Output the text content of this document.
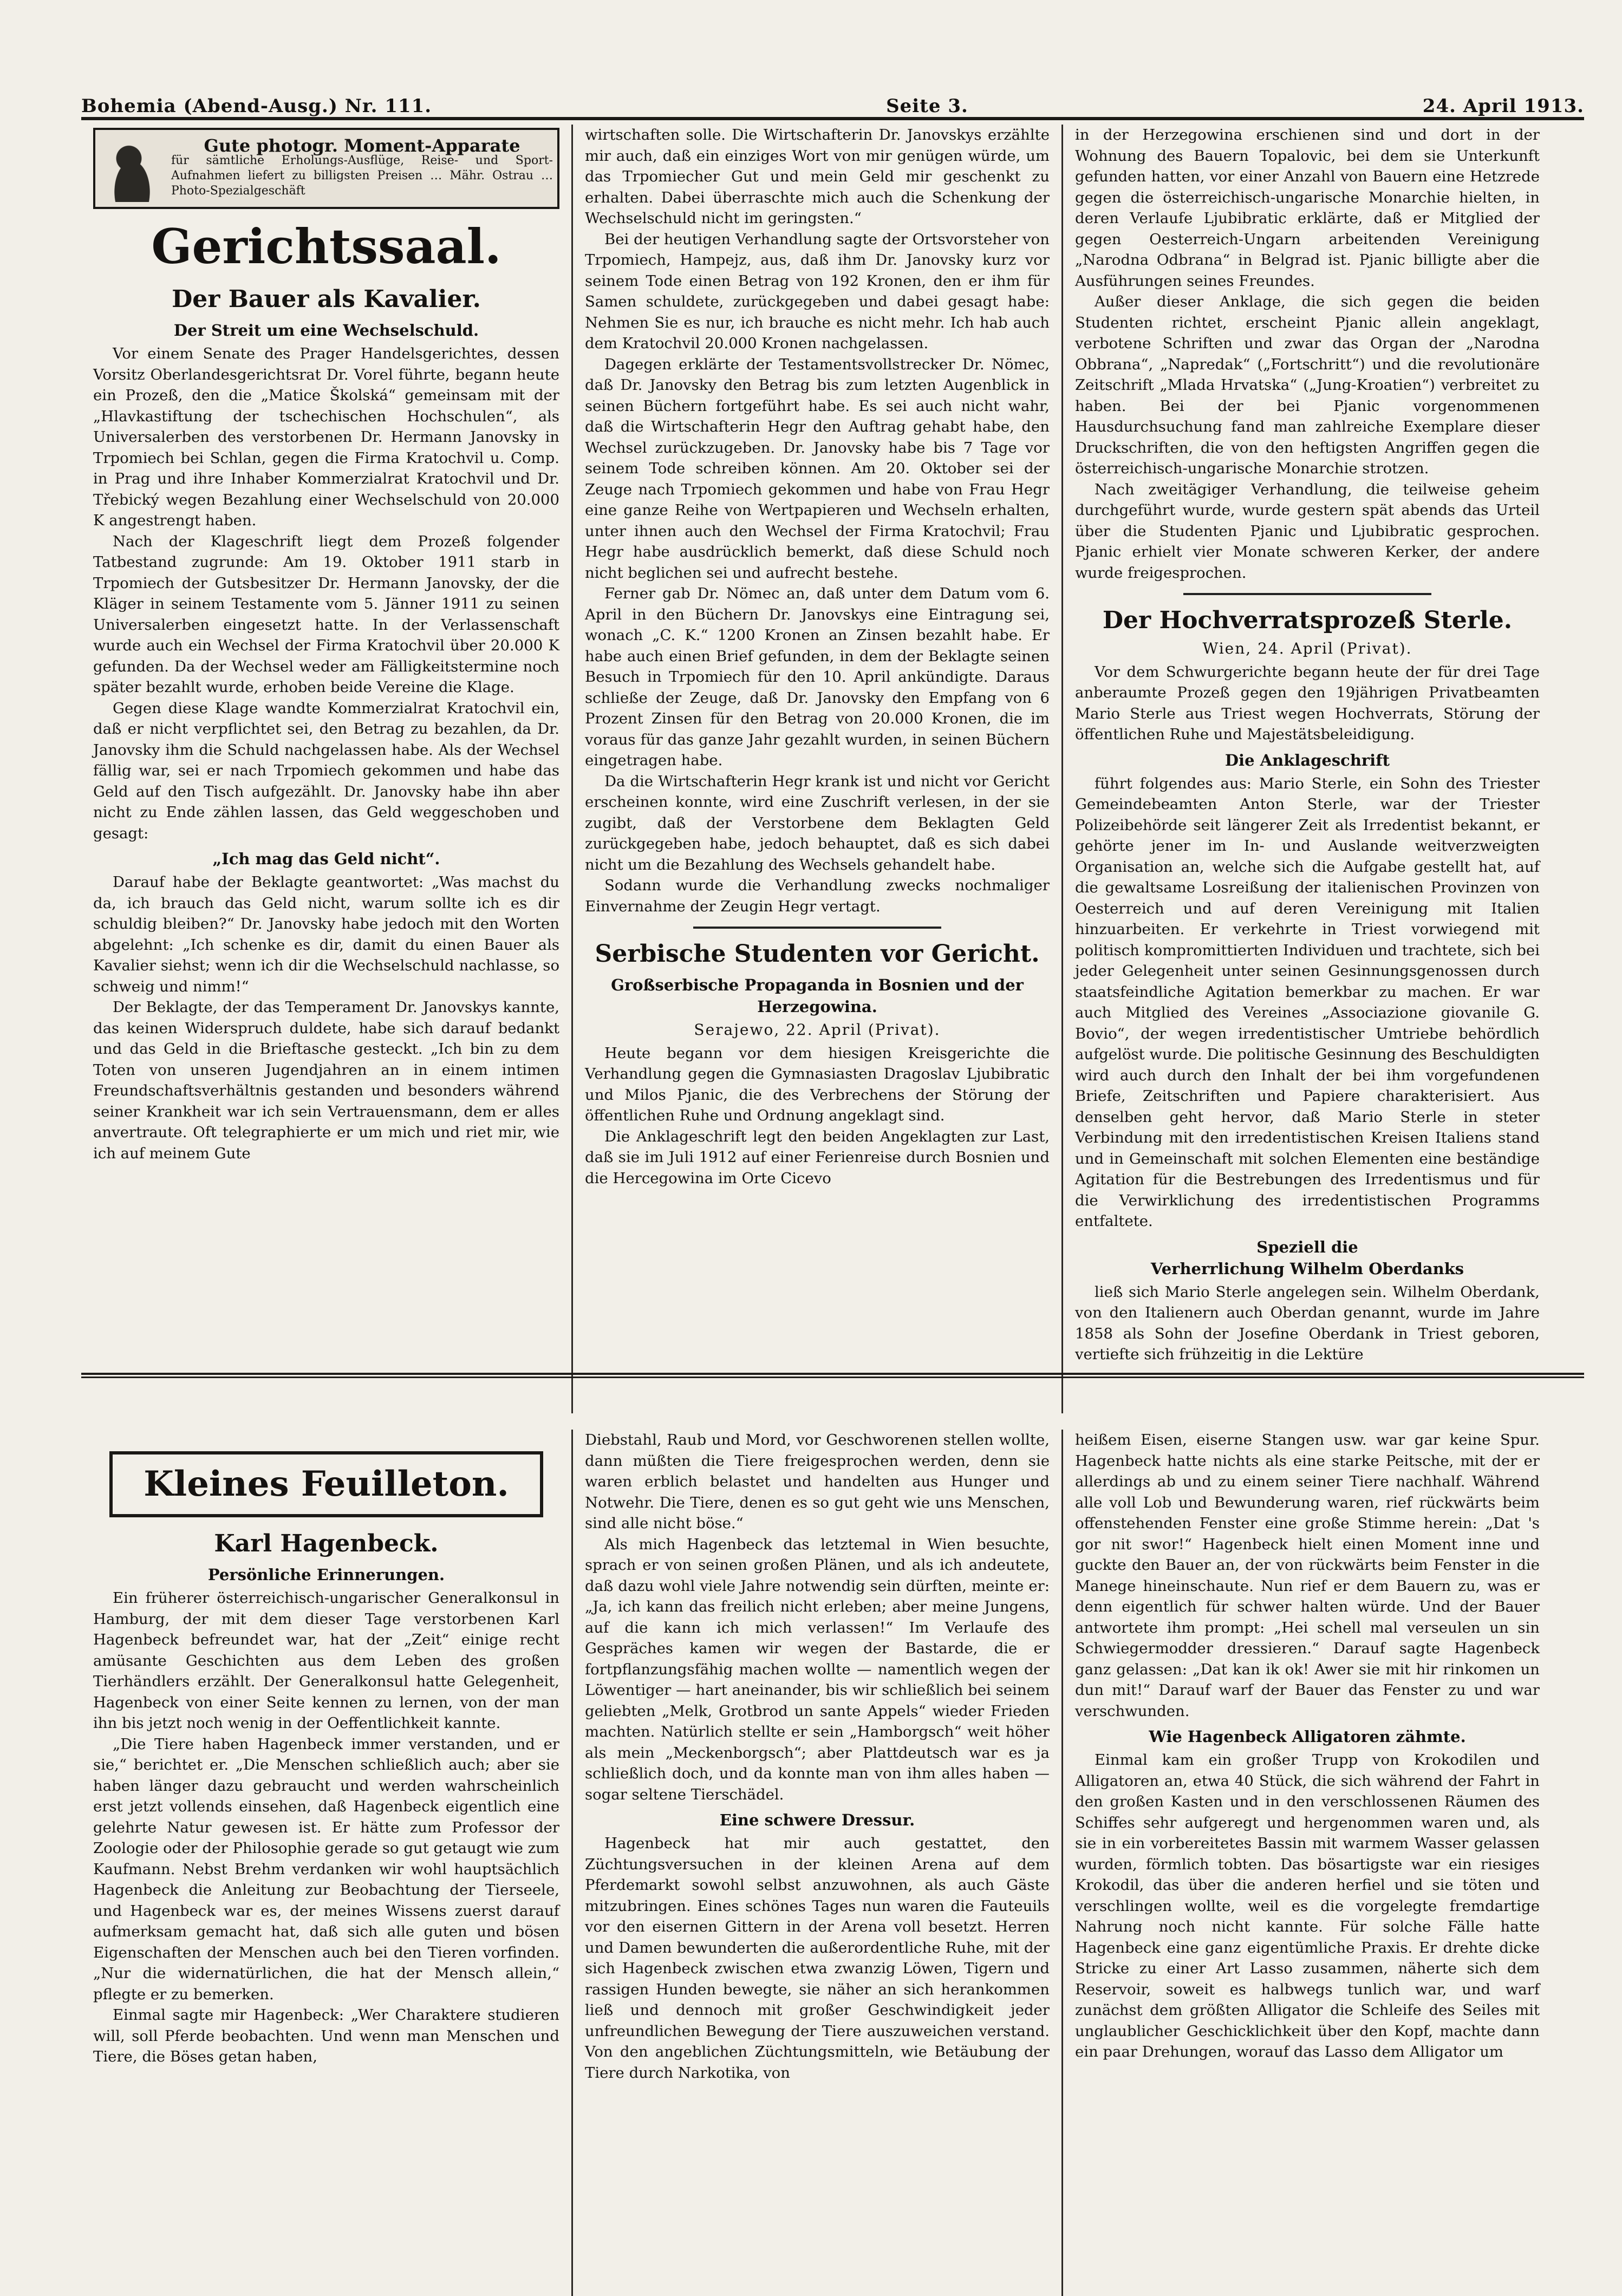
Bohemia (Abend-Ausg.) Nr. 111.	Seite 3.	24. April 1913.
Gute photogr. Moment-Apparate
für sämtliche Erholungs-Ausflüge, Reise- und Sport-Aufnahmen liefert zu billigsten Preisen … Mähr. Ostrau … Photo-Spezialgeschäft
Gerichtssaal.
Der Bauer als Kavalier.
Der Streit um eine Wechselschuld.

Vor einem Senate des Prager Handelsgerichtes, dessen Vorsitz Oberlandesgerichtsrat Dr. Vorel führte, begann heute ein Prozeß, den die „Matice Školská“ gemeinsam mit der „Hlavkastiftung der tschechischen Hochschulen“, als Universalerben des verstorbenen Dr. Hermann Janovsky in Trpomiech bei Schlan, gegen die Firma Kratochvil u. Comp. in Prag und ihre Inhaber Kommerzialrat Kratochvil und Dr. Třebický wegen Bezahlung einer Wechselschuld von 20.000 K angestrengt haben.

Nach der Klageschrift liegt dem Prozeß folgender Tatbestand zugrunde: Am 19. Oktober 1911 starb in Trpomiech der Gutsbesitzer Dr. Hermann Janovsky, der die Kläger in seinem Testamente vom 5. Jänner 1911 zu seinen Universalerben eingesetzt hatte. In der Verlassenschaft wurde auch ein Wechsel der Firma Kratochvil über 20.000 K gefunden. Da der Wechsel weder am Fälligkeitstermine noch später bezahlt wurde, erhoben beide Vereine die Klage.

Gegen diese Klage wandte Kommerzialrat Kratochvil ein, daß er nicht verpflichtet sei, den Betrag zu bezahlen, da Dr. Janovsky ihm die Schuld nachgelassen habe. Als der Wechsel fällig war, sei er nach Trpomiech gekommen und habe das Geld auf den Tisch aufgezählt. Dr. Janovsky habe ihn aber nicht zu Ende zählen lassen, das Geld weggeschoben und gesagt:

„Ich mag das Geld nicht“.

Darauf habe der Beklagte geantwortet: „Was machst du da, ich brauch das Geld nicht, warum sollte ich es dir schuldig bleiben?“ Dr. Janovsky habe jedoch mit den Worten abgelehnt: „Ich schenke es dir, damit du einen Bauer als Kavalier siehst; wenn ich dir die Wechselschuld nachlasse, so schweig und nimm!“

Der Beklagte, der das Temperament Dr. Janovskys kannte, das keinen Widerspruch duldete, habe sich darauf bedankt und das Geld in die Brieftasche gesteckt. „Ich bin zu dem Toten von unseren Jugendjahren an in einem intimen Freundschaftsverhältnis gestanden und besonders während seiner Krankheit war ich sein Vertrauensmann, dem er alles anvertraute. Oft telegraphierte er um mich und riet mir, wie ich auf meinem Gute

wirtschaften solle. Die Wirtschafterin Dr. Janovskys erzählte mir auch, daß ein einziges Wort von mir genügen würde, um das Trpomiecher Gut und mein Geld mir geschenkt zu erhalten. Dabei überraschte mich auch die Schenkung der Wechselschuld nicht im geringsten.“

Bei der heutigen Verhandlung sagte der Ortsvorsteher von Trpomiech, Hampejz, aus, daß ihm Dr. Janovsky kurz vor seinem Tode einen Betrag von 192 Kronen, den er ihm für Samen schuldete, zurückgegeben und dabei gesagt habe: Nehmen Sie es nur, ich brauche es nicht mehr. Ich hab auch dem Kratochvil 20.000 Kronen nachgelassen.

Dagegen erklärte der Testamentsvollstrecker Dr. Nömec, daß Dr. Janovsky den Betrag bis zum letzten Augenblick in seinen Büchern fortgeführt habe. Es sei auch nicht wahr, daß die Wirtschafterin Hegr den Auftrag gehabt habe, den Wechsel zurückzugeben. Dr. Janovsky habe bis 7 Tage vor seinem Tode schreiben können. Am 20. Oktober sei der Zeuge nach Trpomiech gekommen und habe von Frau Hegr eine ganze Reihe von Wertpapieren und Wechseln erhalten, unter ihnen auch den Wechsel der Firma Kratochvil; Frau Hegr habe ausdrücklich bemerkt, daß diese Schuld noch nicht beglichen sei und aufrecht bestehe.

Ferner gab Dr. Nömec an, daß unter dem Datum vom 6. April in den Büchern Dr. Janovskys eine Eintragung sei, wonach „C. K.“ 1200 Kronen an Zinsen bezahlt habe. Er habe auch einen Brief gefunden, in dem der Beklagte seinen Besuch in Trpomiech für den 10. April ankündigte. Daraus schließe der Zeuge, daß Dr. Janovsky den Empfang von 6 Prozent Zinsen für den Betrag von 20.000 Kronen, die im voraus für das ganze Jahr gezahlt wurden, in seinen Büchern eingetragen habe.

Da die Wirtschafterin Hegr krank ist und nicht vor Gericht erscheinen konnte, wird eine Zuschrift verlesen, in der sie zugibt, daß der Verstorbene dem Beklagten Geld zurückgegeben habe, jedoch behauptet, daß es sich dabei nicht um die Bezahlung des Wechsels gehandelt habe.

Sodann wurde die Verhandlung zwecks nochmaliger Einvernahme der Zeugin Hegr vertagt.

Serbische Studenten vor Gericht.
Großserbische Propaganda in Bosnien und der Herzegowina.
Serajewo, 22. April (Privat).

Heute begann vor dem hiesigen Kreisgerichte die Verhandlung gegen die Gymnasiasten Dragoslav Ljubibratic und Milos Pjanic, die des Verbrechens der Störung der öffentlichen Ruhe und Ordnung angeklagt sind.

Die Anklageschrift legt den beiden Angeklagten zur Last, daß sie im Juli 1912 auf einer Ferienreise durch Bosnien und die Hercegowina im Orte Cicevo

in der Herzegowina erschienen sind und dort in der Wohnung des Bauern Topalovic, bei dem sie Unterkunft gefunden hatten, vor einer Anzahl von Bauern eine Hetzrede gegen die österreichisch-ungarische Monarchie hielten, in deren Verlaufe Ljubibratic erklärte, daß er Mitglied der gegen Oesterreich-Ungarn arbeitenden Vereinigung „Narodna Odbrana“ in Belgrad ist. Pjanic billigte aber die Ausführungen seines Freundes.

Außer dieser Anklage, die sich gegen die beiden Studenten richtet, erscheint Pjanic allein angeklagt, verbotene Schriften und zwar das Organ der „Narodna Obbrana“, „Napredak“ („Fortschritt“) und die revolutionäre Zeitschrift „Mlada Hrvatska“ („Jung-Kroatien“) verbreitet zu haben. Bei der bei Pjanic vorgenommenen Hausdurchsuchung fand man zahlreiche Exemplare dieser Druckschriften, die von den heftigsten Angriffen gegen die österreichisch-ungarische Monarchie strotzen.

Nach zweitägiger Verhandlung, die teilweise geheim durchgeführt wurde, wurde gestern spät abends das Urteil über die Studenten Pjanic und Ljubibratic gesprochen. Pjanic erhielt vier Monate schweren Kerker, der andere wurde freigesprochen.

Der Hochverratsprozeß Sterle.
Wien, 24. April (Privat).

Vor dem Schwurgerichte begann heute der für drei Tage anberaumte Prozeß gegen den 19jährigen Privatbeamten Mario Sterle aus Triest wegen Hochverrats, Störung der öffentlichen Ruhe und Majestätsbeleidigung.

Die Anklageschrift

führt folgendes aus: Mario Sterle, ein Sohn des Triester Gemeindebeamten Anton Sterle, war der Triester Polizeibehörde seit längerer Zeit als Irredentist bekannt, er gehörte jener im In- und Auslande weitverzweigten Organisation an, welche sich die Aufgabe gestellt hat, auf die gewaltsame Losreißung der italienischen Provinzen von Oesterreich und auf deren Vereinigung mit Italien hinzuarbeiten. Er verkehrte in Triest vorwiegend mit politisch kompromittierten Individuen und trachtete, sich bei jeder Gelegenheit unter seinen Gesinnungsgenossen durch staatsfeindliche Agitation bemerkbar zu machen. Er war auch Mitglied des Vereines „Associazione giovanile G. Bovio“, der wegen irredentistischer Umtriebe behördlich aufgelöst wurde. Die politische Gesinnung des Beschuldigten wird auch durch den Inhalt der bei ihm vorgefundenen Briefe, Zeitschriften und Papiere charakterisiert. Aus denselben geht hervor, daß Mario Sterle in steter Verbindung mit den irredentistischen Kreisen Italiens stand und in Gemeinschaft mit solchen Elementen eine beständige Agitation für die Bestrebungen des Irredentismus und für die Verwirklichung des irredentistischen Programms entfaltete.

Speziell die
Verherrlichung Wilhelm Oberdanks

ließ sich Mario Sterle angelegen sein. Wilhelm Oberdank, von den Italienern auch Oberdan genannt, wurde im Jahre 1858 als Sohn der Josefine Oberdank in Triest geboren, vertiefte sich frühzeitig in die Lektüre

Kleines Feuilleton.
Karl Hagenbeck.
Persönliche Erinnerungen.

Ein früherer österreichisch-ungarischer Generalkonsul in Hamburg, der mit dem dieser Tage verstorbenen Karl Hagenbeck befreundet war, hat der „Zeit“ einige recht amüsante Geschichten aus dem Leben des großen Tierhändlers erzählt. Der Generalkonsul hatte Gelegenheit, Hagenbeck von einer Seite kennen zu lernen, von der man ihn bis jetzt noch wenig in der Oeffentlichkeit kannte.

„Die Tiere haben Hagenbeck immer verstanden, und er sie,“ berichtet er. „Die Menschen schließlich auch; aber sie haben länger dazu gebraucht und werden wahrscheinlich erst jetzt vollends einsehen, daß Hagenbeck eigentlich eine gelehrte Natur gewesen ist. Er hätte zum Professor der Zoologie oder der Philosophie gerade so gut getaugt wie zum Kaufmann. Nebst Brehm verdanken wir wohl hauptsächlich Hagenbeck die Anleitung zur Beobachtung der Tierseele, und Hagenbeck war es, der meines Wissens zuerst darauf aufmerksam gemacht hat, daß sich alle guten und bösen Eigenschaften der Menschen auch bei den Tieren vorfinden. „Nur die widernatürlichen, die hat der Mensch allein,“ pflegte er zu bemerken.

Einmal sagte mir Hagenbeck: „Wer Charaktere studieren will, soll Pferde beobachten. Und wenn man Menschen und Tiere, die Böses getan haben,

Diebstahl, Raub und Mord, vor Geschworenen stellen wollte, dann müßten die Tiere freigesprochen werden, denn sie waren erblich belastet und handelten aus Hunger und Notwehr. Die Tiere, denen es so gut geht wie uns Menschen, sind alle nicht böse.“

Als mich Hagenbeck das letztemal in Wien besuchte, sprach er von seinen großen Plänen, und als ich andeutete, daß dazu wohl viele Jahre notwendig sein dürften, meinte er: „Ja, ich kann das freilich nicht erleben; aber meine Jungens, auf die kann ich mich verlassen!“ Im Verlaufe des Gespräches kamen wir wegen der Bastarde, die er fortpflanzungsfähig machen wollte — namentlich wegen der Löwentiger — hart aneinander, bis wir schließlich bei seinem geliebten „Melk, Grotbrod un sante Appels“ wieder Frieden machten. Natürlich stellte er sein „Hamborgsch“ weit höher als mein „Meckenborgsch“; aber Plattdeutsch war es ja schließlich doch, und da konnte man von ihm alles haben — sogar seltene Tierschädel.

Eine schwere Dressur.

Hagenbeck hat mir auch gestattet, den Züchtungsversuchen in der kleinen Arena auf dem Pferdemarkt sowohl selbst anzuwohnen, als auch Gäste mitzubringen. Eines schönes Tages nun waren die Fauteuils vor den eisernen Gittern in der Arena voll besetzt. Herren und Damen bewunderten die außerordentliche Ruhe, mit der sich Hagenbeck zwischen etwa zwanzig Löwen, Tigern und rassigen Hunden bewegte, sie näher an sich herankommen ließ und dennoch mit großer Geschwindigkeit jeder unfreundlichen Bewegung der Tiere auszuweichen verstand. Von den angeblichen Züchtungsmitteln, wie Betäubung der Tiere durch Narkotika, von

heißem Eisen, eiserne Stangen usw. war gar keine Spur. Hagenbeck hatte nichts als eine starke Peitsche, mit der er allerdings ab und zu einem seiner Tiere nachhalf. Während alle voll Lob und Bewunderung waren, rief rückwärts beim offenstehenden Fenster eine große Stimme herein: „Dat 's gor nit swor!“ Hagenbeck hielt einen Moment inne und guckte den Bauer an, der von rückwärts beim Fenster in die Manege hineinschaute. Nun rief er dem Bauern zu, was er denn eigentlich für schwer halten würde. Und der Bauer antwortete ihm prompt: „Hei schell mal verseulen un sin Schwiegermodder dressieren.“ Darauf sagte Hagenbeck ganz gelassen: „Dat kan ik ok! Awer sie mit hir rinkomen un dun mit!“ Darauf warf der Bauer das Fenster zu und war verschwunden.

Wie Hagenbeck Alligatoren zähmte.

Einmal kam ein großer Trupp von Krokodilen und Alligatoren an, etwa 40 Stück, die sich während der Fahrt in den großen Kasten und in den verschlossenen Räumen des Schiffes sehr aufgeregt und hergenommen waren und, als sie in ein vorbereitetes Bassin mit warmem Wasser gelassen wurden, förmlich tobten. Das bösartigste war ein riesiges Krokodil, das über die anderen herfiel und sie töten und verschlingen wollte, weil es die vorgelegte fremdartige Nahrung noch nicht kannte. Für solche Fälle hatte Hagenbeck eine ganz eigentümliche Praxis. Er drehte dicke Stricke zu einer Art Lasso zusammen, näherte sich dem Reservoir, soweit es halbwegs tunlich war, und warf zunächst dem größten Alligator die Schleife des Seiles mit unglaublicher Geschicklichkeit über den Kopf, machte dann ein paar Drehungen, worauf das Lasso dem Alligator um
